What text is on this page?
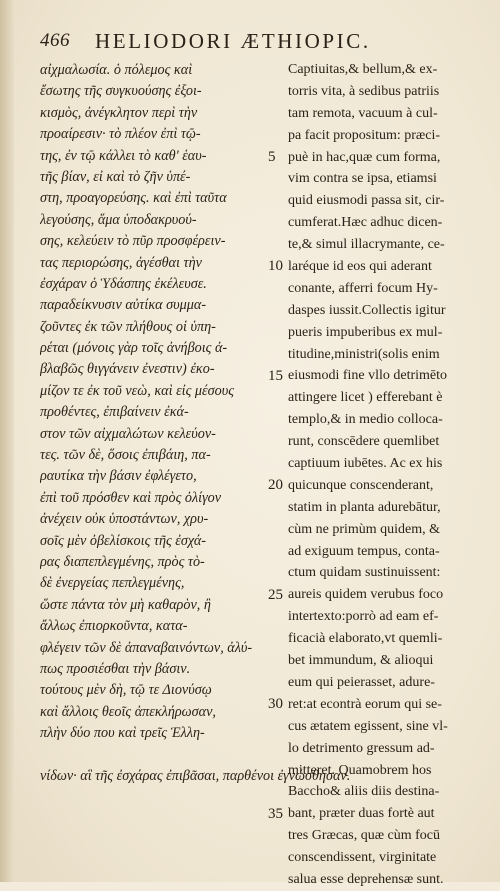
466 HELIODORI ÆTHIOPIC.
αἰχμαλωσία. ὁ πόλεμος καὶ
ἔσωτης τῆς συγκυούσης ἐξοι-
κισμὸς, ἀνέγκλητον περὶ τὴν
προαίρεσιν· τὸ πλέον ἐπὶ τῷ-
της, ἐν τῷ κάλλει τὸ καθ' ἑαυ-
τῆς βίαν, εἰ καὶ τὸ ζῆν ὑπέ-
στη, προαγορεύσης. καὶ ἐπὶ ταῦτα
λεγούσης, ἅμα ὑποδακρυού-
σης, κελεύειν τὸ πῦρ προσφέρειν-
τας περιορώσης, ἀγέσθαι τὴν
ἐσχάραν ὁ Ὑδάσπης ἐκέλευσε.
παραδείκνυσιν αὐτίκα συμμα-
ζοῦντες ἐκ τῶν πλήθους οἱ ὑπη-
ρέται (μόνοις γὰρ τοῖς ἀνήβοις ἀ-
βλαβῶς θιγγάνειν ἐνεστιν) ἐκο-
μίζον τε ἐκ τοῦ νεὼ, καὶ εἰς μέσους
προθέντες, ἐπιβαίνειν ἐκά-
στον τῶν αἰχμαλώτων κελεύον-
τες. τῶν δὲ, ὅσοις ἐπιβάιη, πα-
ραυτίκα τὴν βάσιν ἐφλέγετο,
ἐπὶ τοῦ πρόσθεν καὶ πρὸς ὀλίγον
ἀνέχειν οὐκ ὑποστάντων, χρυ-
σοῖς μὲν ὀβελίσκοις τῆς ἐσχά-
ρας διαπεπλεγμένης, πρὸς τὸ-
δὲ ἐνεργείας πεπλεγμένης,
ὥστε πάντα τὸν μὴ καθαρὸν, ἢ
ἄλλως ἐπιορκοῦντα, κατα-
φλέγειν τῶν δὲ ἀπαναβαινόντων, ἀλύ-
πως προσιέσθαι τὴν βάσιν.
τούτους μὲν δὴ, τῷ τε Διονύσῳ
καὶ ἄλλοις θεοῖς ἀπεκλήρωσαν,
πλὴν δύο που καὶ τρεῖς Ἑλλη-
5
10
15
20
25
30
35
Captiuitas,& bellum,& ex-
torris vita, à sedibus patriis
tam remota, vacuum à cul-
pa facit propositum: præci-
puè in hac,quæ cum forma,
vim contra se ipsa, etiamsi
quid eiusmodi passa sit, cir-
cumferat.Hæc adhuc dicen-
te,& simul illacrymante, ce-
laréque id eos qui aderant
conante, afferri focum Hy-
daspes iussit.Collectis igitur
pueris impuberibus ex mul-
titudine,ministri(solis enim
eiusmodi fine vllo detrimēto
attingere licet ) efferebant è
templo,& in medio colloca-
runt, conscēdere quemlibet
captiuum iubētes. Ac ex his
quicunque conscenderant,
statim in planta adurebātur,
cùm ne primùm quidem, &
ad exiguum tempus, conta-
ctum quidam sustinuissent:
aureis quidem verubus foco
intertexto:porrò ad eam ef-
ficacià elaborato,vt quemli-
bet immundum, & alioqui
eum qui peierasset, adure-
ret:at econtrà eorum qui se-
cus ætatem egissent, sine vl-
lo detrimento gressum ad-
mitteret. Quamobrem hos
Baccho& aliis diis destina-
bant, præter duas fortè aut
tres Græcas, quæ cùm focū
conscendissent, virginitate
salua esse deprehensæ sunt.
νίδων· αἳ τῆς ἐσχάρας ἐπιβᾶσαι, παρθένοι ἐγνώσθησαν.
